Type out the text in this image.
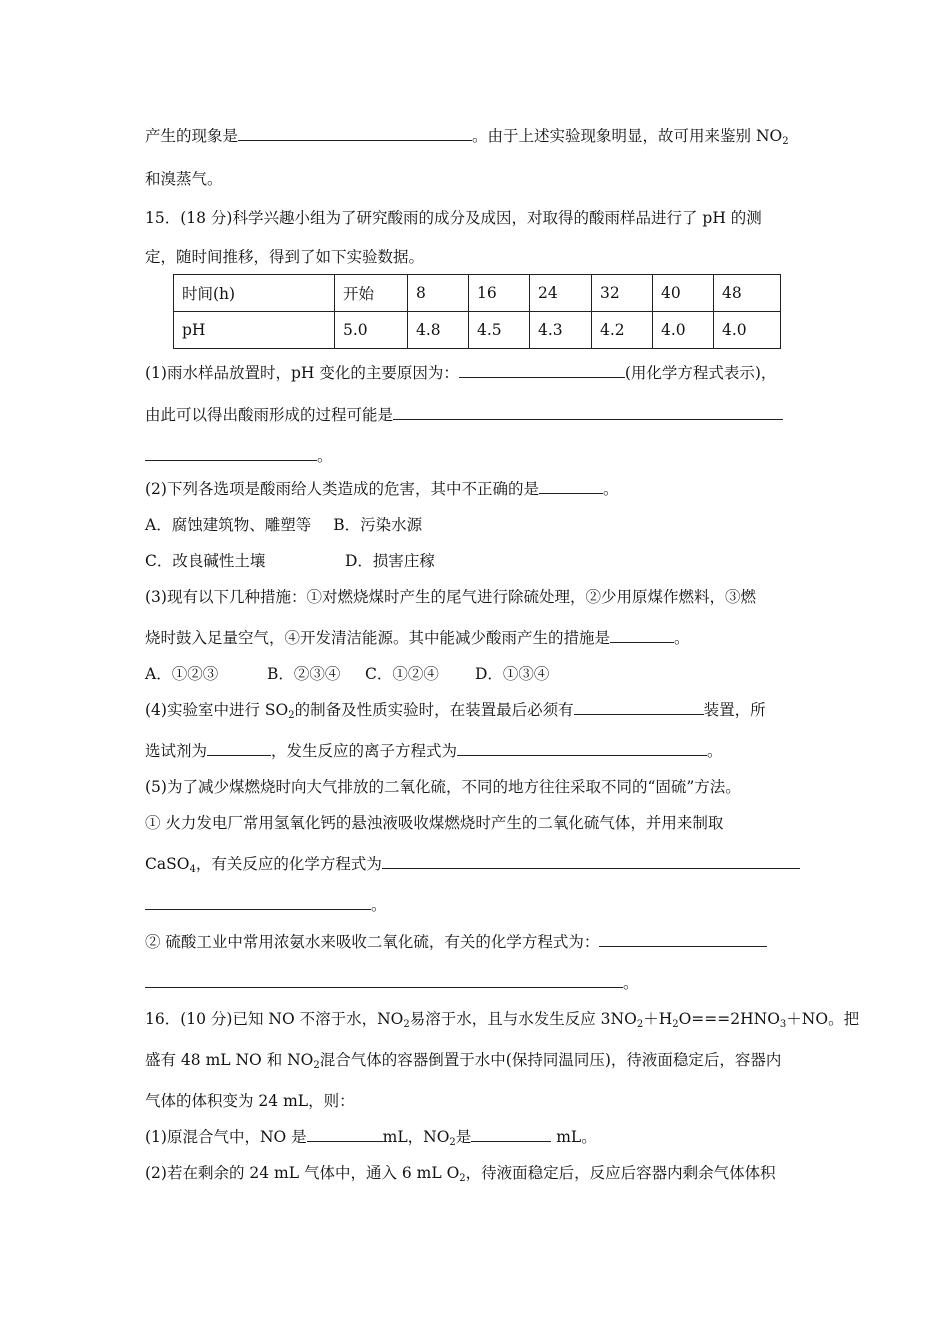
产生的现象是	。由于上述实验现象明显，故可用来鉴别 $NO_2$
和溴蒸气。
15．(18 分)科学兴趣小组为了研究酸雨的成分及成因，对取得的酸雨样品进行了 pH 的测
定，随时间推移，得到了如下实验数据。
时间(h)	开始	8	16	24	32	40	48
pH	5.0	4.8	4.5	4.3	4.2	4.0	4.0
(1)雨水样品放置时，pH 变化的主要原因为：	(用化学方程式表示)，
由此可以得出酸雨形成的过程可能是
。
(2)下列各选项是酸雨给人类造成的危害，其中不正确的是	。
A．腐蚀建筑物、雕塑等 B．污染水源
C．改良碱性土壤	D．损害庄稼
(3)现有以下几种措施：①对燃烧煤时产生的尾气进行除硫处理，②少用原煤作燃料，③燃
烧时鼓入足量空气，④开发清洁能源。其中能减少酸雨产生的措施是	。
A．①②③	B．②③④ C．①②④ D．①③④
(4)实验室中进行 $SO_2$的制备及性质实验时，在装置最后必须有	装置，所
选试剂为	，发生反应的离子方程式为	。
(5)为了减少煤燃烧时向大气排放的二氧化硫，不同的地方往往采取不同的“固硫”方法。
① 火力发电厂常用氢氧化钙的悬浊液吸收煤燃烧时产生的二氧化硫气体，并用来制取
CaSO$_4$，有关反应的化学方程式为
。
② 硫酸工业中常用浓氨水来吸收二氧化硫，有关的化学方程式为：
。
16．(10 分)已知 NO 不溶于水，$NO_2$易溶于水，且与水发生反应 $3NO_2+H_2O===2HNO_3+NO$。把
盛有 48 mL NO 和 $NO_2$混合气体的容器倒置于水中(保持同温同压)，待液面稳定后，容器内
气体的体积变为 24 mL，则：
(1)原混合气中，NO 是	mL，$NO_2$是	mL。
(2)若在剩余的 24 mL 气体中，通入 6 mL $O_2$，待液面稳定后，反应后容器内剩余气体体积
